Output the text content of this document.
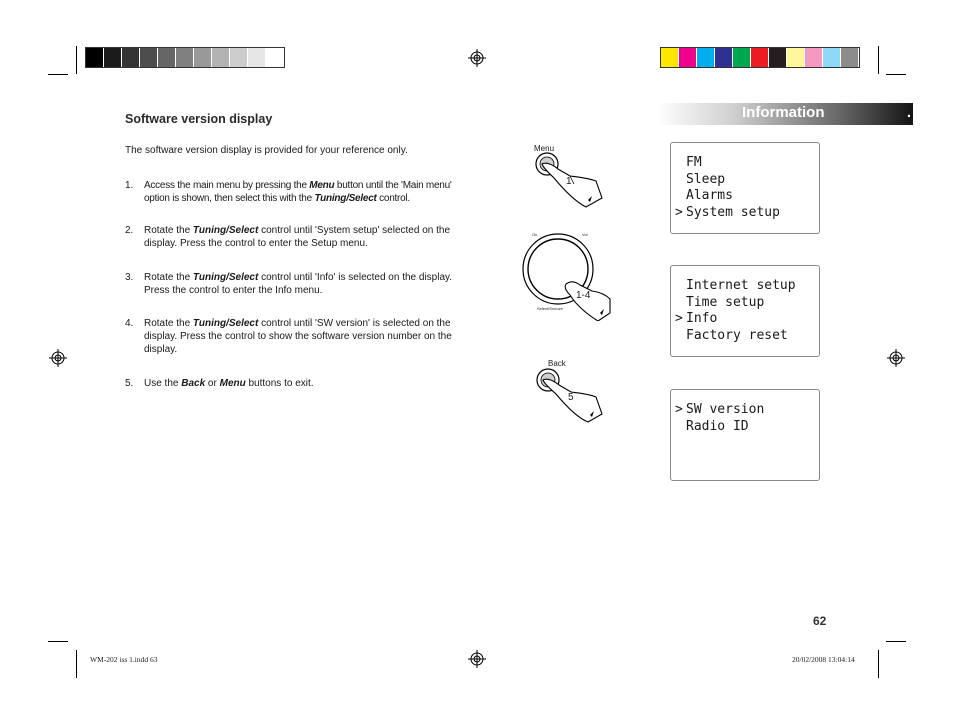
Information	.
Software version display
The software version display is provided for your reference only.
1.	Access the main menu by pressing the Menu button until the 'Main menu' option is shown, then select this with the Tuning/Select control.
2.	Rotate the Tuning/Select control until 'System setup' selected on the display. Press the control to enter the Setup menu.
3.	Rotate the Tuning/Select control until 'Info' is selected on the display. Press the control to enter the Info menu.
4.	Rotate the Tuning/Select control until 'SW version' is selected on the display. Press the control to show the software version number on the display.
5.	Use the Back or Menu buttons to exit.
Menu
1
On	Vol
Select/Snooze
1-4
Back
5
FM
Sleep
Alarms
> System setup
Internet setup
Time setup
> Info
Factory reset
> SW version
Radio ID
62
WM-202 iss 1.indd 63	20/02/2008 13:04:14
